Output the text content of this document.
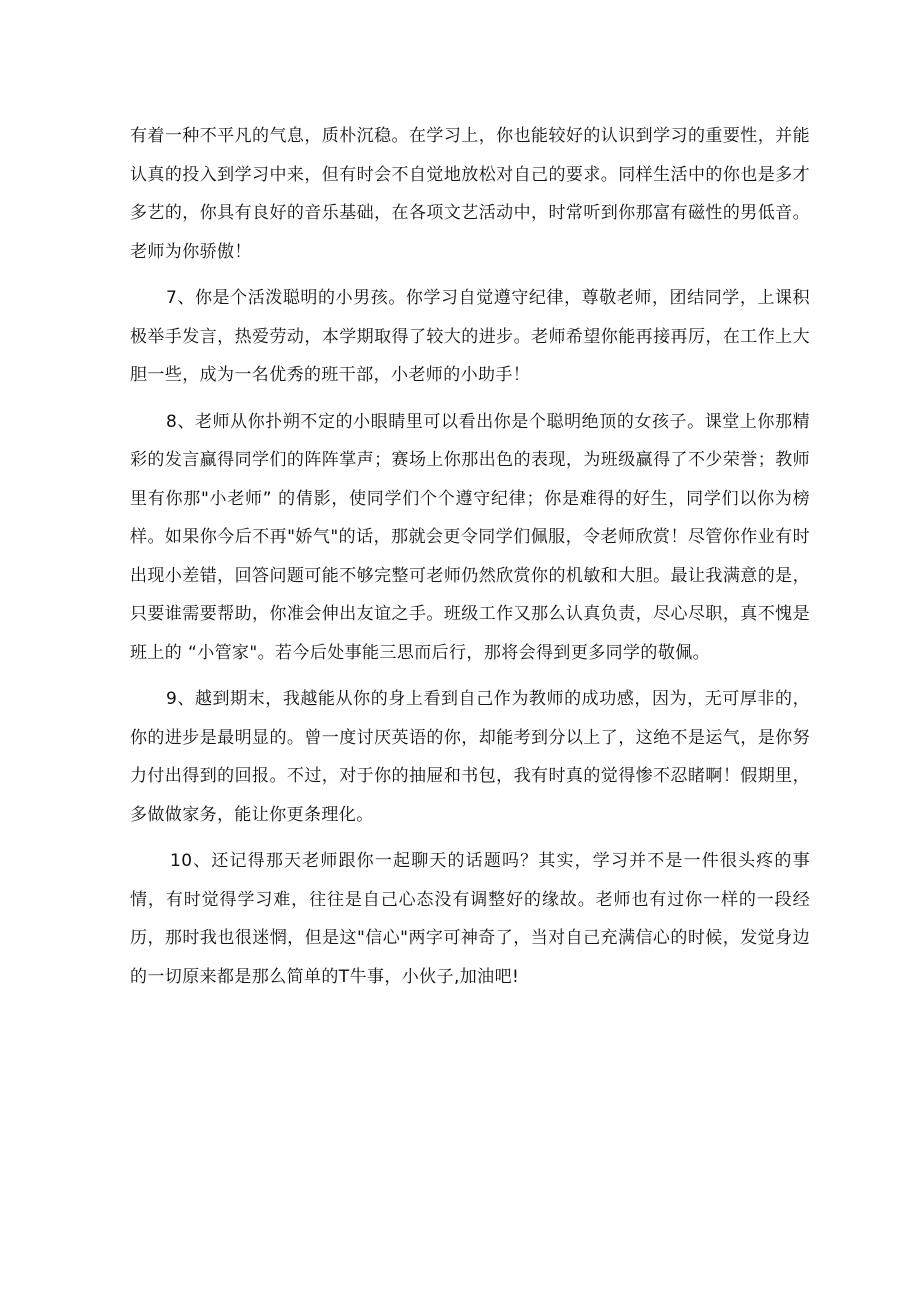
有着一种不平凡的气息，质朴沉稳。在学习上，你也能较好的认识到学习的重要性，并能认真的投入到学习中来，但有时会不自觉地放松对自己的要求。同样生活中的你也是多才多艺的，你具有良好的音乐基础，在各项文艺活动中，时常听到你那富有磁性的男低音。老师为你骄傲！

7、你是个活泼聪明的小男孩。你学习自觉遵守纪律，尊敬老师，团结同学，上课积极举手发言，热爱劳动，本学期取得了较大的进步。老师希望你能再接再厉，在工作上大胆一些，成为一名优秀的班干部，小老师的小助手！

8、老师从你扑朔不定的小眼睛里可以看出你是个聪明绝顶的女孩子。课堂上你那精彩的发言赢得同学们的阵阵掌声；赛场上你那出色的表现，为班级赢得了不少荣誉；教师里有你那"小老师” 的倩影，使同学们个个遵守纪律；你是难得的好生，同学们以你为榜样。如果你今后不再"娇气"的话，那就会更令同学们佩服，令老师欣赏！尽管你作业有时出现小差错，回答问题可能不够完整可老师仍然欣赏你的机敏和大胆。最让我满意的是，只要谁需要帮助，你准会伸出友谊之手。班级工作又那么认真负责，尽心尽职，真不愧是班上的 “小管家"。若今后处事能三思而后行，那将会得到更多同学的敬佩。

9、越到期末，我越能从你的身上看到自己作为教师的成功感，因为，无可厚非的，你的进步是最明显的。曾一度讨厌英语的你，却能考到分以上了，这绝不是运气，是你努力付出得到的回报。不过，对于你的抽屉和书包，我有时真的觉得惨不忍睹啊！假期里，多做做家务，能让你更条理化。

10、还记得那天老师跟你一起聊天的话题吗？其实，学习并不是一件很头疼的事情，有时觉得学习难，往往是自己心态没有调整好的缘故。老师也有过你一样的一段经历，那时我也很迷惘，但是这"信心"两字可神奇了，当对自己充满信心的时候，发觉身边的一切原来都是那么简单的T牛事，小伙子,加油吧!
